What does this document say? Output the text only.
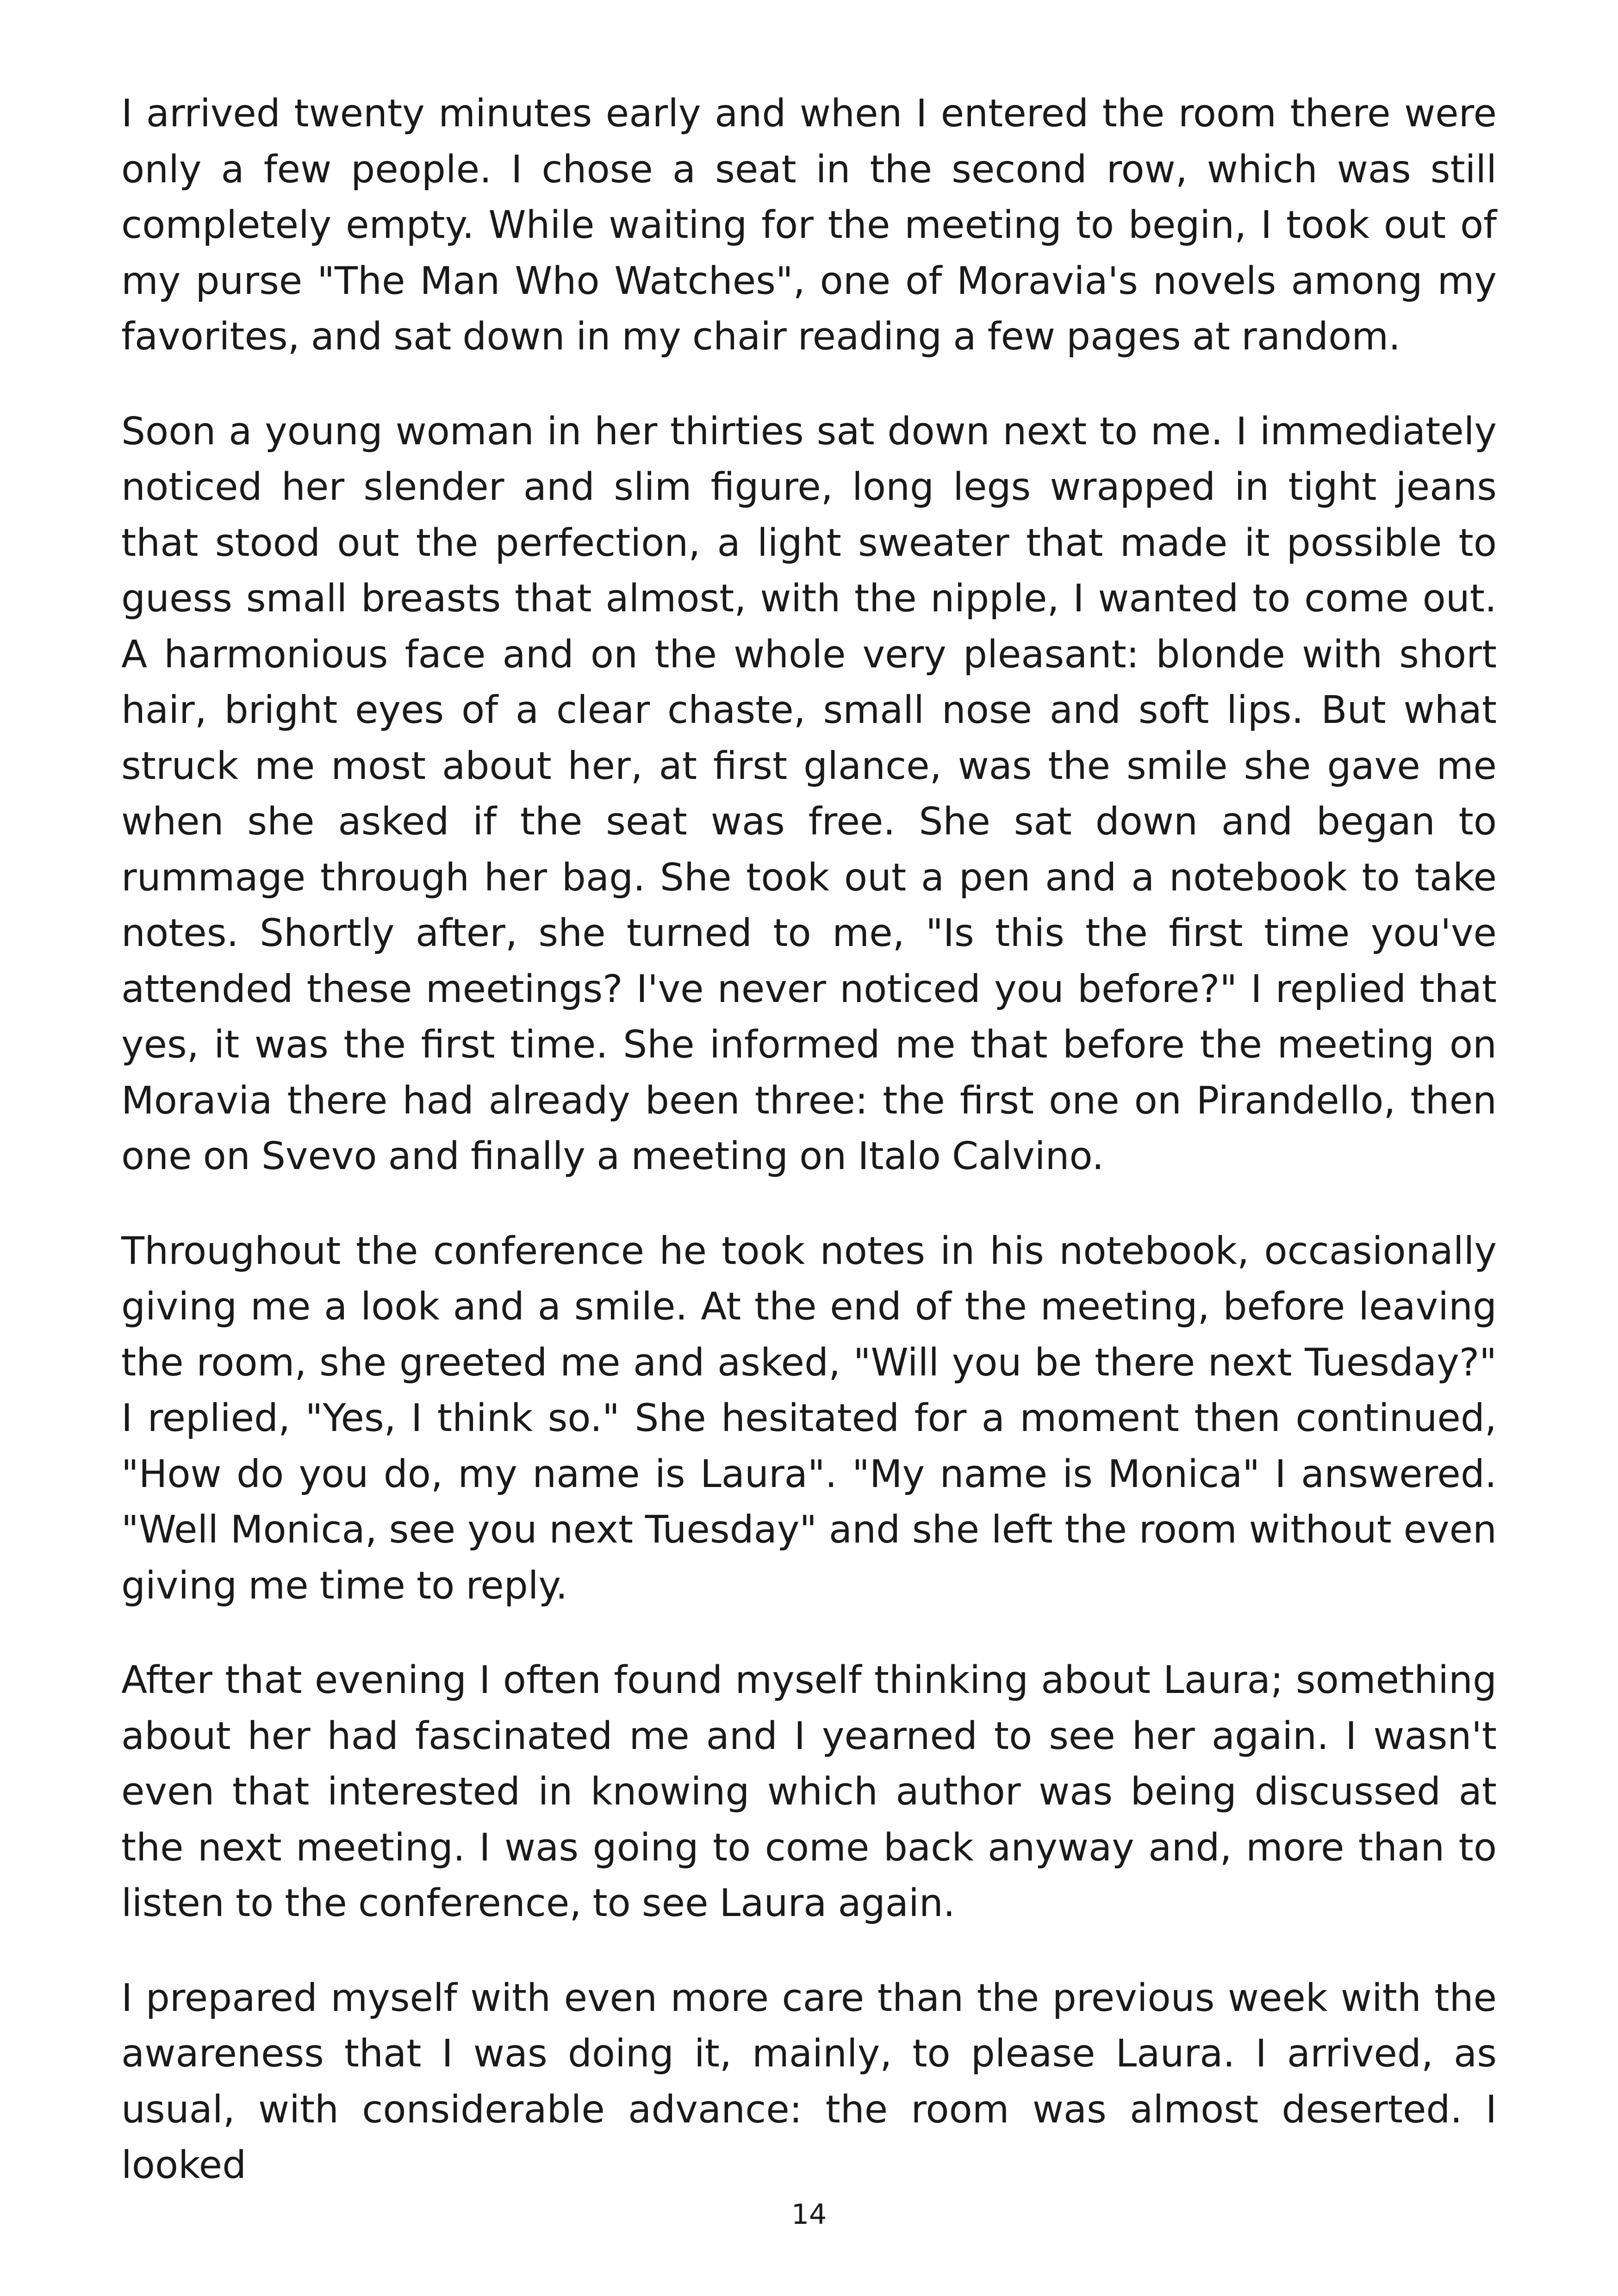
I arrived twenty minutes early and when I entered the room there were only a few people. I chose a seat in the second row, which was still completely empty. While waiting for the meeting to begin, I took out of my purse "The Man Who Watches", one of Moravia's novels among my favorites, and sat down in my chair reading a few pages at random.

Soon a young woman in her thirties sat down next to me. I immediately noticed her slender and slim figure, long legs wrapped in tight jeans that stood out the perfection, a light sweater that made it possible to guess small breasts that almost, with the nipple, I wanted to come out. A harmonious face and on the whole very pleasant: blonde with short hair, bright eyes of a clear chaste, small nose and soft lips. But what struck me most about her, at first glance, was the smile she gave me when she asked if the seat was free. She sat down and began to rummage through her bag. She took out a pen and a notebook to take notes. Shortly after, she turned to me, "Is this the first time you've attended these meetings? I've never noticed you before?" I replied that yes, it was the first time. She informed me that before the meeting on Moravia there had already been three: the first one on Pirandello, then one on Svevo and finally a meeting on Italo Calvino.

Throughout the conference he took notes in his notebook, occasionally giving me a look and a smile. At the end of the meeting, before leaving the room, she greeted me and asked, "Will you be there next Tuesday?" I replied, "Yes, I think so." She hesitated for a moment then continued, "How do you do, my name is Laura". "My name is Monica" I answered. "Well Monica, see you next Tuesday" and she left the room without even giving me time to reply.

After that evening I often found myself thinking about Laura; something about her had fascinated me and I yearned to see her again. I wasn't even that interested in knowing which author was being discussed at the next meeting. I was going to come back anyway and, more than to listen to the conference, to see Laura again.

I prepared myself with even more care than the previous week with the awareness that I was doing it, mainly, to please Laura. I arrived, as usual, with considerable advance: the room was almost deserted. I looked

14
